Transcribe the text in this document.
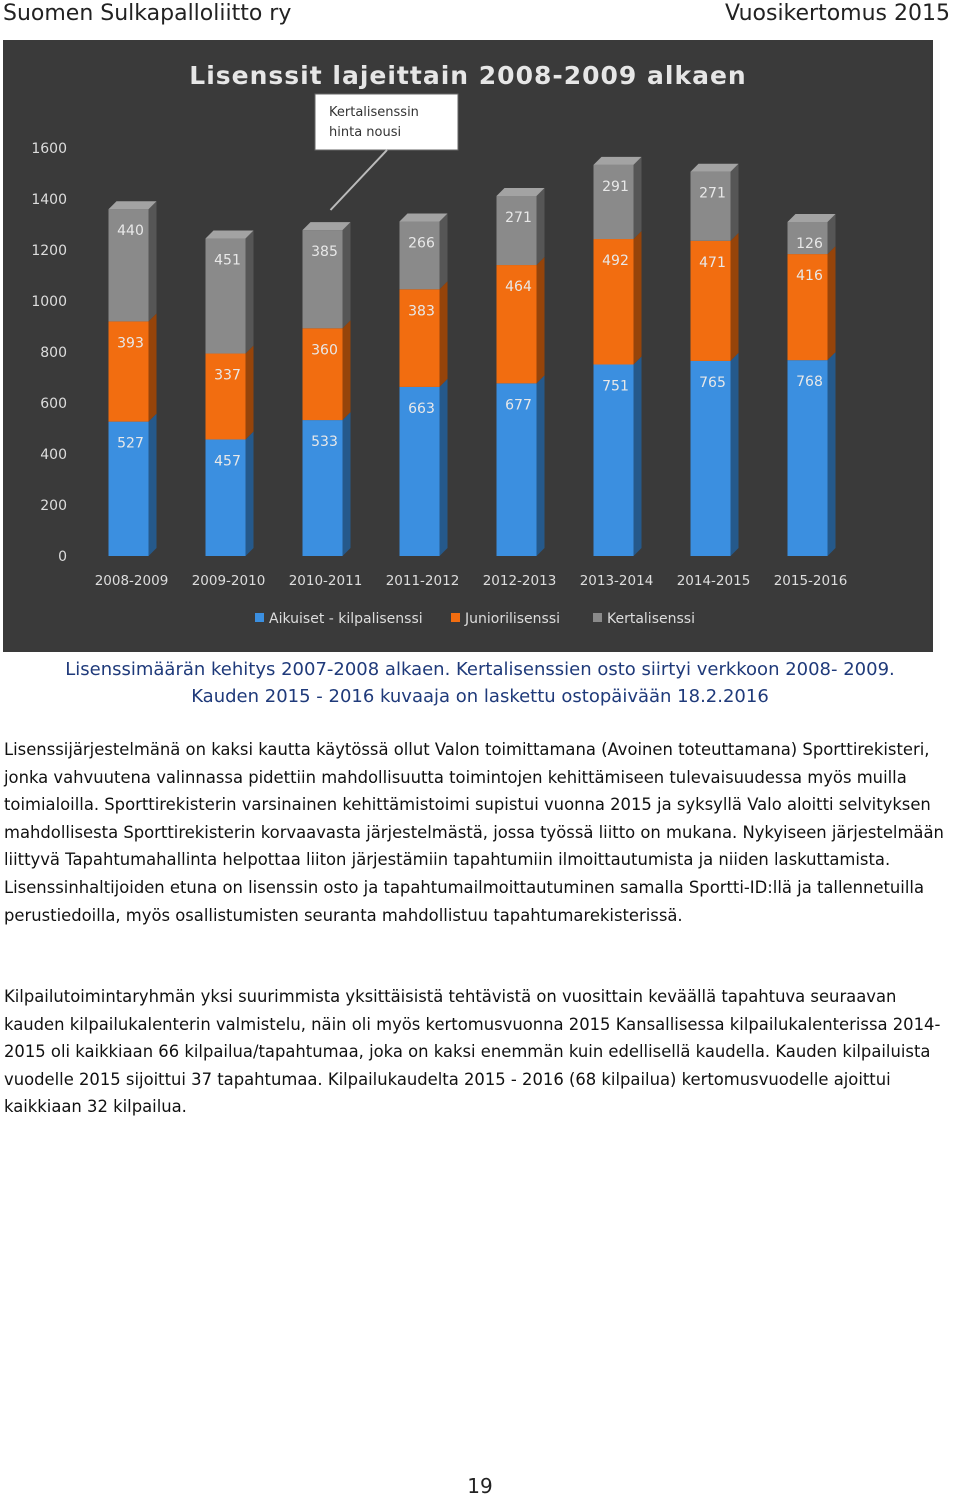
Suomen Sulkapalloliitto ry	Vuosikertomus 2015
Lisenssit lajeittain 2008-2009 alkaen
0
200
400
600
800
1000
1200
1400
1600
527
393
440
2008-2009
457
337
451
2009-2010
533
360
385
2010-2011
663
383
266
2011-2012
677
464
271
2012-2013
751
492
291
2013-2014
765
471
271
2014-2015
768
416
126
2015-2016
Kertalisenssin
hinta nousi
Aikuiset - kilpalisenssi	Juniorilisenssi	Kertalisenssi
Lisenssimäärän kehitys 2007-2008 alkaen. Kertalisenssien osto siirtyi verkkoon 2008- 2009.
Kauden 2015 - 2016 kuvaaja on laskettu ostopäivään 18.2.2016

Lisenssijärjestelmänä on kaksi kautta käytössä ollut Valon toimittamana (Avoinen toteuttamana) Sporttirekisteri, jonka vahvuutena valinnassa pidettiin mahdollisuutta toimintojen kehittämiseen tulevaisuudessa myös muilla toimialoilla. Sporttirekisterin varsinainen kehittämistoimi supistui vuonna 2015 ja syksyllä Valo aloitti selvityksen mahdollisesta Sporttirekisterin korvaavasta järjestelmästä, jossa työssä liitto on mukana. Nykyiseen järjestelmään liittyvä Tapahtumahallinta helpottaa liiton järjestämiin tapahtumiin ilmoittautumista ja niiden laskuttamista. Lisenssinhaltijoiden etuna on lisenssin osto ja tapahtumailmoittautuminen samalla Sportti-ID:llä ja tallennetuilla perustiedoilla, myös osallistumisten seuranta mahdollistuu tapahtumarekisterissä.

Kilpailutoimintaryhmän yksi suurimmista yksittäisistä tehtävistä on vuosittain keväällä tapahtuva seuraavan kauden kilpailukalenterin valmistelu, näin oli myös kertomusvuonna 2015 Kansallisessa kilpailukalenterissa 2014-2015 oli kaikkiaan 66 kilpailua/tapahtumaa, joka on kaksi enemmän kuin edellisellä kaudella. Kauden kilpailuista vuodelle 2015 sijoittui 37 tapahtumaa. Kilpailukaudelta 2015 - 2016 (68 kilpailua) kertomusvuodelle ajoittui kaikkiaan 32 kilpailua.

19
